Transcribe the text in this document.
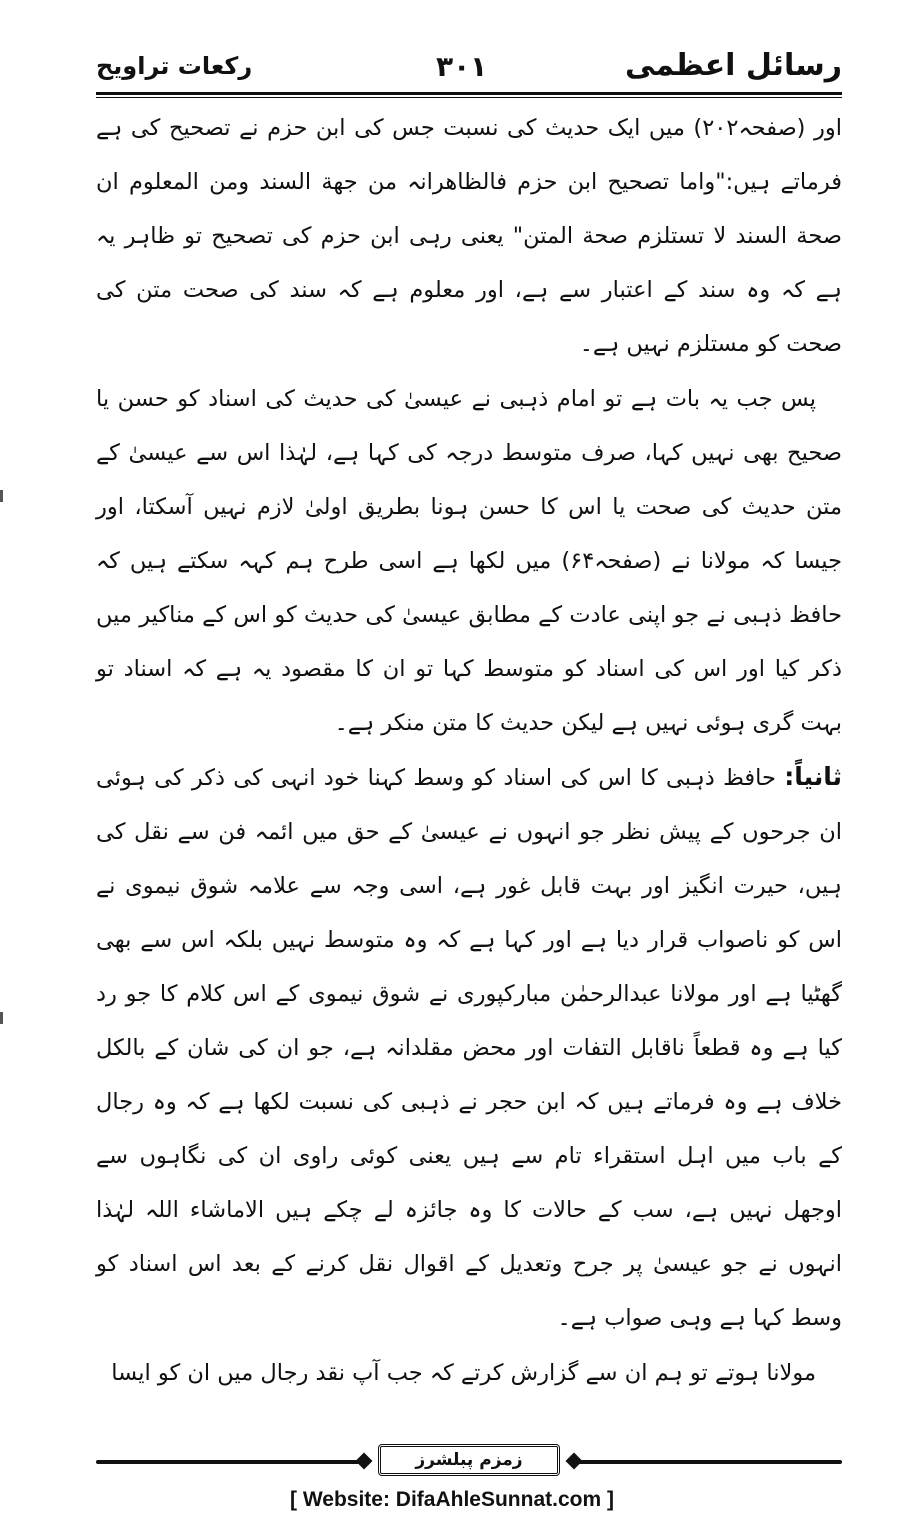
رسائل اعظمی
۳۰۱
رکعات تراویح

اور (صفحہ۲۰۲) میں ایک حدیث کی نسبت جس کی ابن حزم نے تصحیح کی ہے فرماتے ہیں:"واما تصحیح ابن حزم فالظاھرانہ من جھة السند ومن المعلوم ان صحة السند لا تستلزم صحة المتن" یعنی رہی ابن حزم کی تصحیح تو ظاہر یہ ہے کہ وہ سند کے اعتبار سے ہے، اور معلوم ہے کہ سند کی صحت متن کی صحت کو مستلزم نہیں ہے۔

پس جب یہ بات ہے تو امام ذہبی نے عیسیٰ کی حدیث کی اسناد کو حسن یا صحیح بھی نہیں کہا، صرف متوسط درجہ کی کہا ہے، لہٰذا اس سے عیسیٰ کے متن حدیث کی صحت یا اس کا حسن ہونا بطریق اولیٰ لازم نہیں آسکتا، اور جیسا کہ مولانا نے (صفحہ۶۴) میں لکھا ہے اسی طرح ہم کہہ سکتے ہیں کہ حافظ ذہبی نے جو اپنی عادت کے مطابق عیسیٰ کی حدیث کو اس کے مناکیر میں ذکر کیا اور اس کی اسناد کو متوسط کہا تو ان کا مقصود یہ ہے کہ اسناد تو بہت گری ہوئی نہیں ہے لیکن حدیث کا متن منکر ہے۔

ثانیاً: حافظ ذہبی کا اس کی اسناد کو وسط کہنا خود انہی کی ذکر کی ہوئی ان جرحوں کے پیش نظر جو انہوں نے عیسیٰ کے حق میں ائمہ فن سے نقل کی ہیں، حیرت انگیز اور بہت قابل غور ہے، اسی وجہ سے علامہ شوق نیموی نے اس کو ناصواب قرار دیا ہے اور کہا ہے کہ وہ متوسط نہیں بلکہ اس سے بھی گھٹیا ہے اور مولانا عبدالرحمٰن مبارکپوری نے شوق نیموی کے اس کلام کا جو رد کیا ہے وہ قطعاً ناقابل التفات اور محض مقلدانہ ہے، جو ان کی شان کے بالکل خلاف ہے وہ فرماتے ہیں کہ ابن حجر نے ذہبی کی نسبت لکھا ہے کہ وہ رجال کے باب میں اہل استقراء تام سے ہیں یعنی کوئی راوی ان کی نگاہوں سے اوجھل نہیں ہے، سب کے حالات کا وہ جائزہ لے چکے ہیں الاماشاء اللہ لہٰذا انہوں نے جو عیسیٰ پر جرح وتعدیل کے اقوال نقل کرنے کے بعد اس اسناد کو وسط کہا ہے وہی صواب ہے۔

مولانا ہوتے تو ہم ان سے گزارش کرتے کہ جب آپ نقد رجال میں ان کو ایسا

زمزم پبلشرز
[ Website: DifaAhleSunnat.com ]
